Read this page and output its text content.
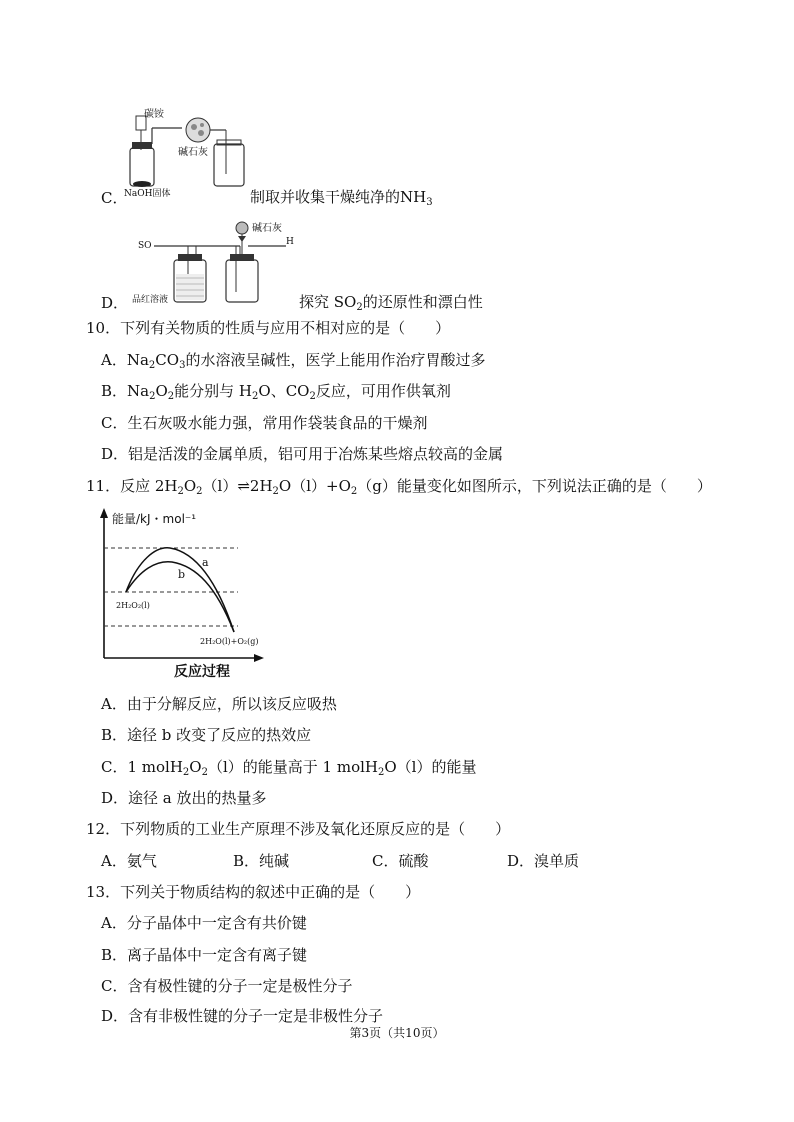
碳铵
碱石灰
NaOH固体
C．	制取并收集干燥纯净的$NH_3$
SO	H
碱石灰
品红溶液
D．	探究 $SO_2$的还原性和漂白性
10．下列有关物质的性质与应用不相对应的是（　　）
A．$Na_2CO_3$的水溶液呈碱性，医学上能用作治疗胃酸过多
B．$Na_2O_2$能分别与 $H_2O$、$CO_2$反应，可用作供氧剂
C．生石灰吸水能力强，常用作袋装食品的干燥剂
D．铝是活泼的金属单质，铝可用于冶炼某些熔点较高的金属
11．反应 $2H_2O_2(l)\rightleftharpoons 2H_2O(l)+O_2(g)$能量变化如图所示，下列说法正确的是（　　）
a
b
2H₂O₂(l)
2H₂O(l)+O₂(g)
能量/kJ・mol⁻¹
反应过程
A．由于分解反应，所以该反应吸热
B．途径 b 改变了反应的热效应
C．1 $molH_2O_2(l)$的能量高于 1 molH$_2$O（l）的能量
D．途径 a 放出的热量多
12．下列物质的工业生产原理不涉及氧化还原反应的是（　　）
A．氨气	B．纯碱	C．硫酸	D．溴单质
13．下列关于物质结构的叙述中正确的是（　　）
A．分子晶体中一定含有共价键
B．离子晶体中一定含有离子键
C．含有极性键的分子一定是极性分子
D．含有非极性键的分子一定是非极性分子
第3页（共10页）
